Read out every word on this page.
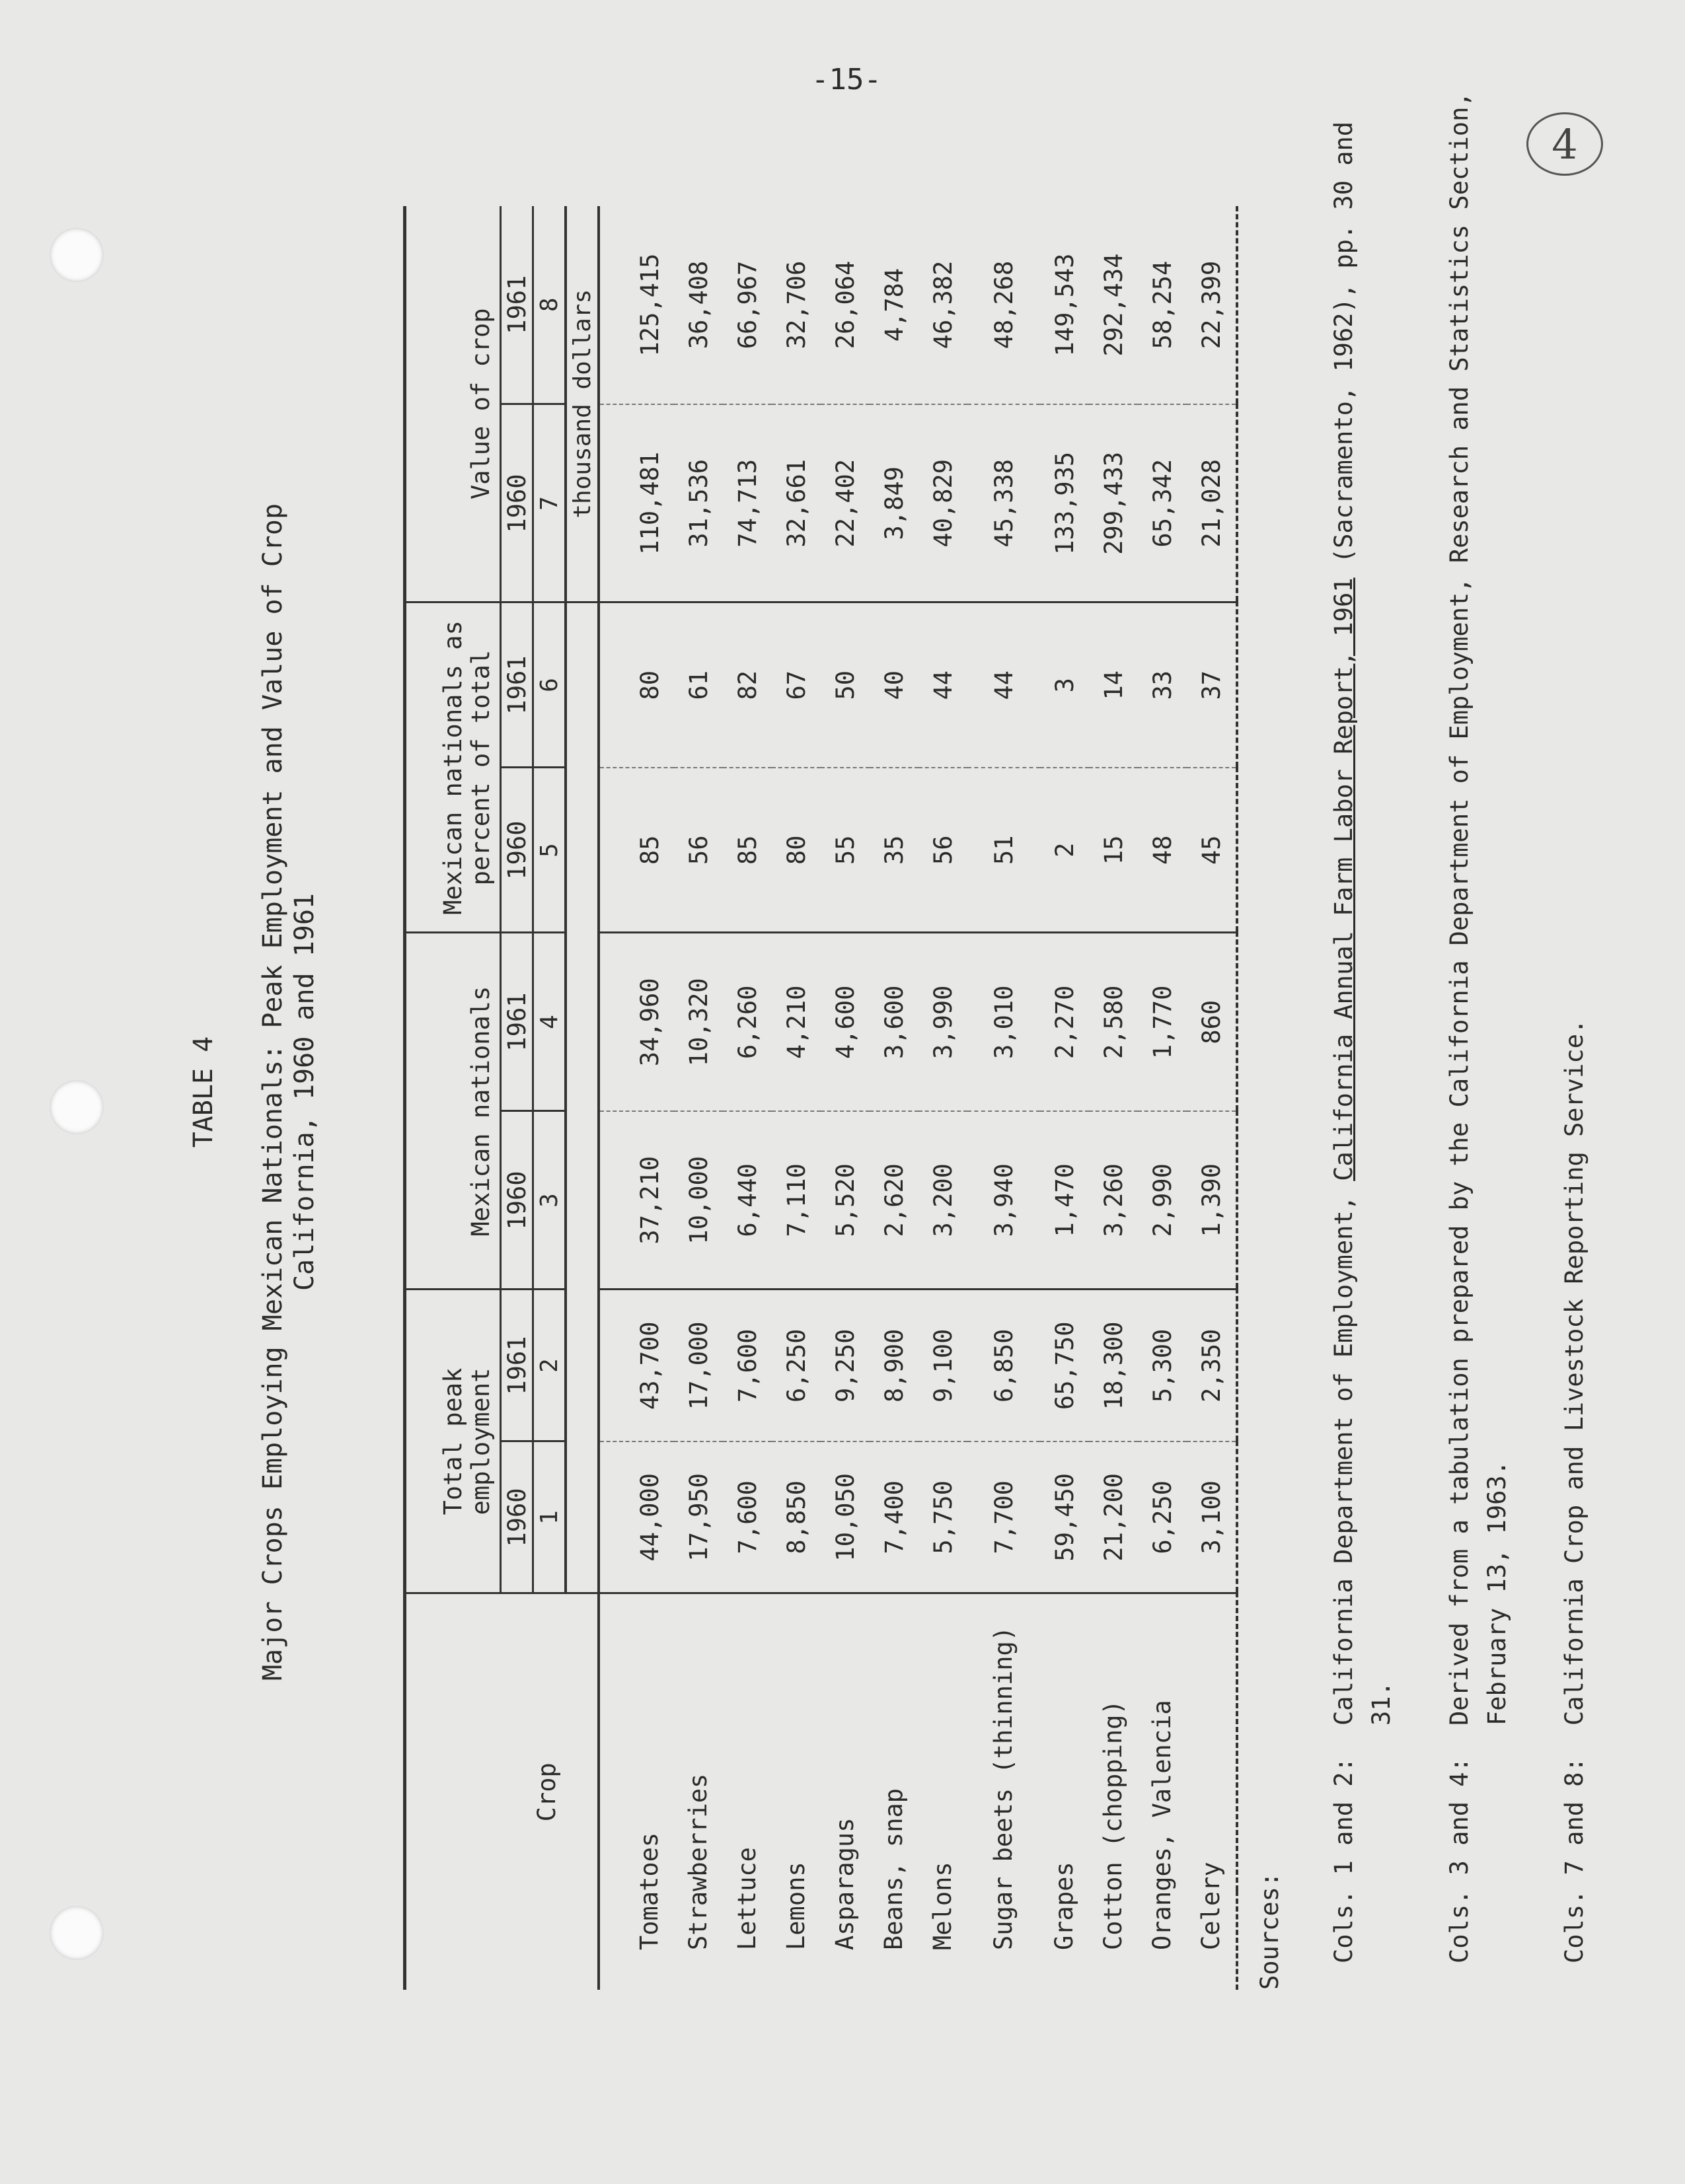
-15-
4
TABLE 4 Major Crops Employing Mexican Nationals: Peak Employment and Value of Crop California, 1960 and 1961
Crop	Total peak employment		Mexican nationals		Mexican nationals as percent of total		Value of crop	
	1960	1961	1960	1961	1960	1961	1960	1961
	1	2	3	4	5	6	7	8
							thousand dollars	
Tomatoes	44,000	43,700	37,210	34,960	85	80	110,481	125,415
Strawberries	17,950	17,000	10,000	10,320	56	61	31,536	36,408
Lettuce	7,600	7,600	6,440	6,260	85	82	74,713	66,967
Lemons	8,850	6,250	7,110	4,210	80	67	32,661	32,706
Asparagus	10,050	9,250	5,520	4,600	55	50	22,402	26,064
Beans, snap	7,400	8,900	2,620	3,600	35	40	3,849	4,784
Melons	5,750	9,100	3,200	3,990	56	44	40,829	46,382
Sugar beets (thinning)	7,700	6,850	3,940	3,010	51	44	45,338	48,268
Grapes	59,450	65,750	1,470	2,270	2	3	133,935	149,543
Cotton (chopping)	21,200	18,300	3,260	2,580	15	14	299,433	292,434
Oranges, Valencia	6,250	5,300	2,990	1,770	48	33	65,342	58,254
Celery	3,100	2,350	1,390	860	45	37	21,028	22,399
Sources: Cols. 1 and 2:
California Department of Employment, California Annual Farm Labor Report, 1961 (Sacramento, 1962), pp. 30 and 31.
Cols. 3 and 4:
Derived from a tabulation prepared by the California Department of Employment, Research and Statistics Section, February 13, 1963.
Cols. 7 and 8:
California Crop and Livestock Reporting Service.
